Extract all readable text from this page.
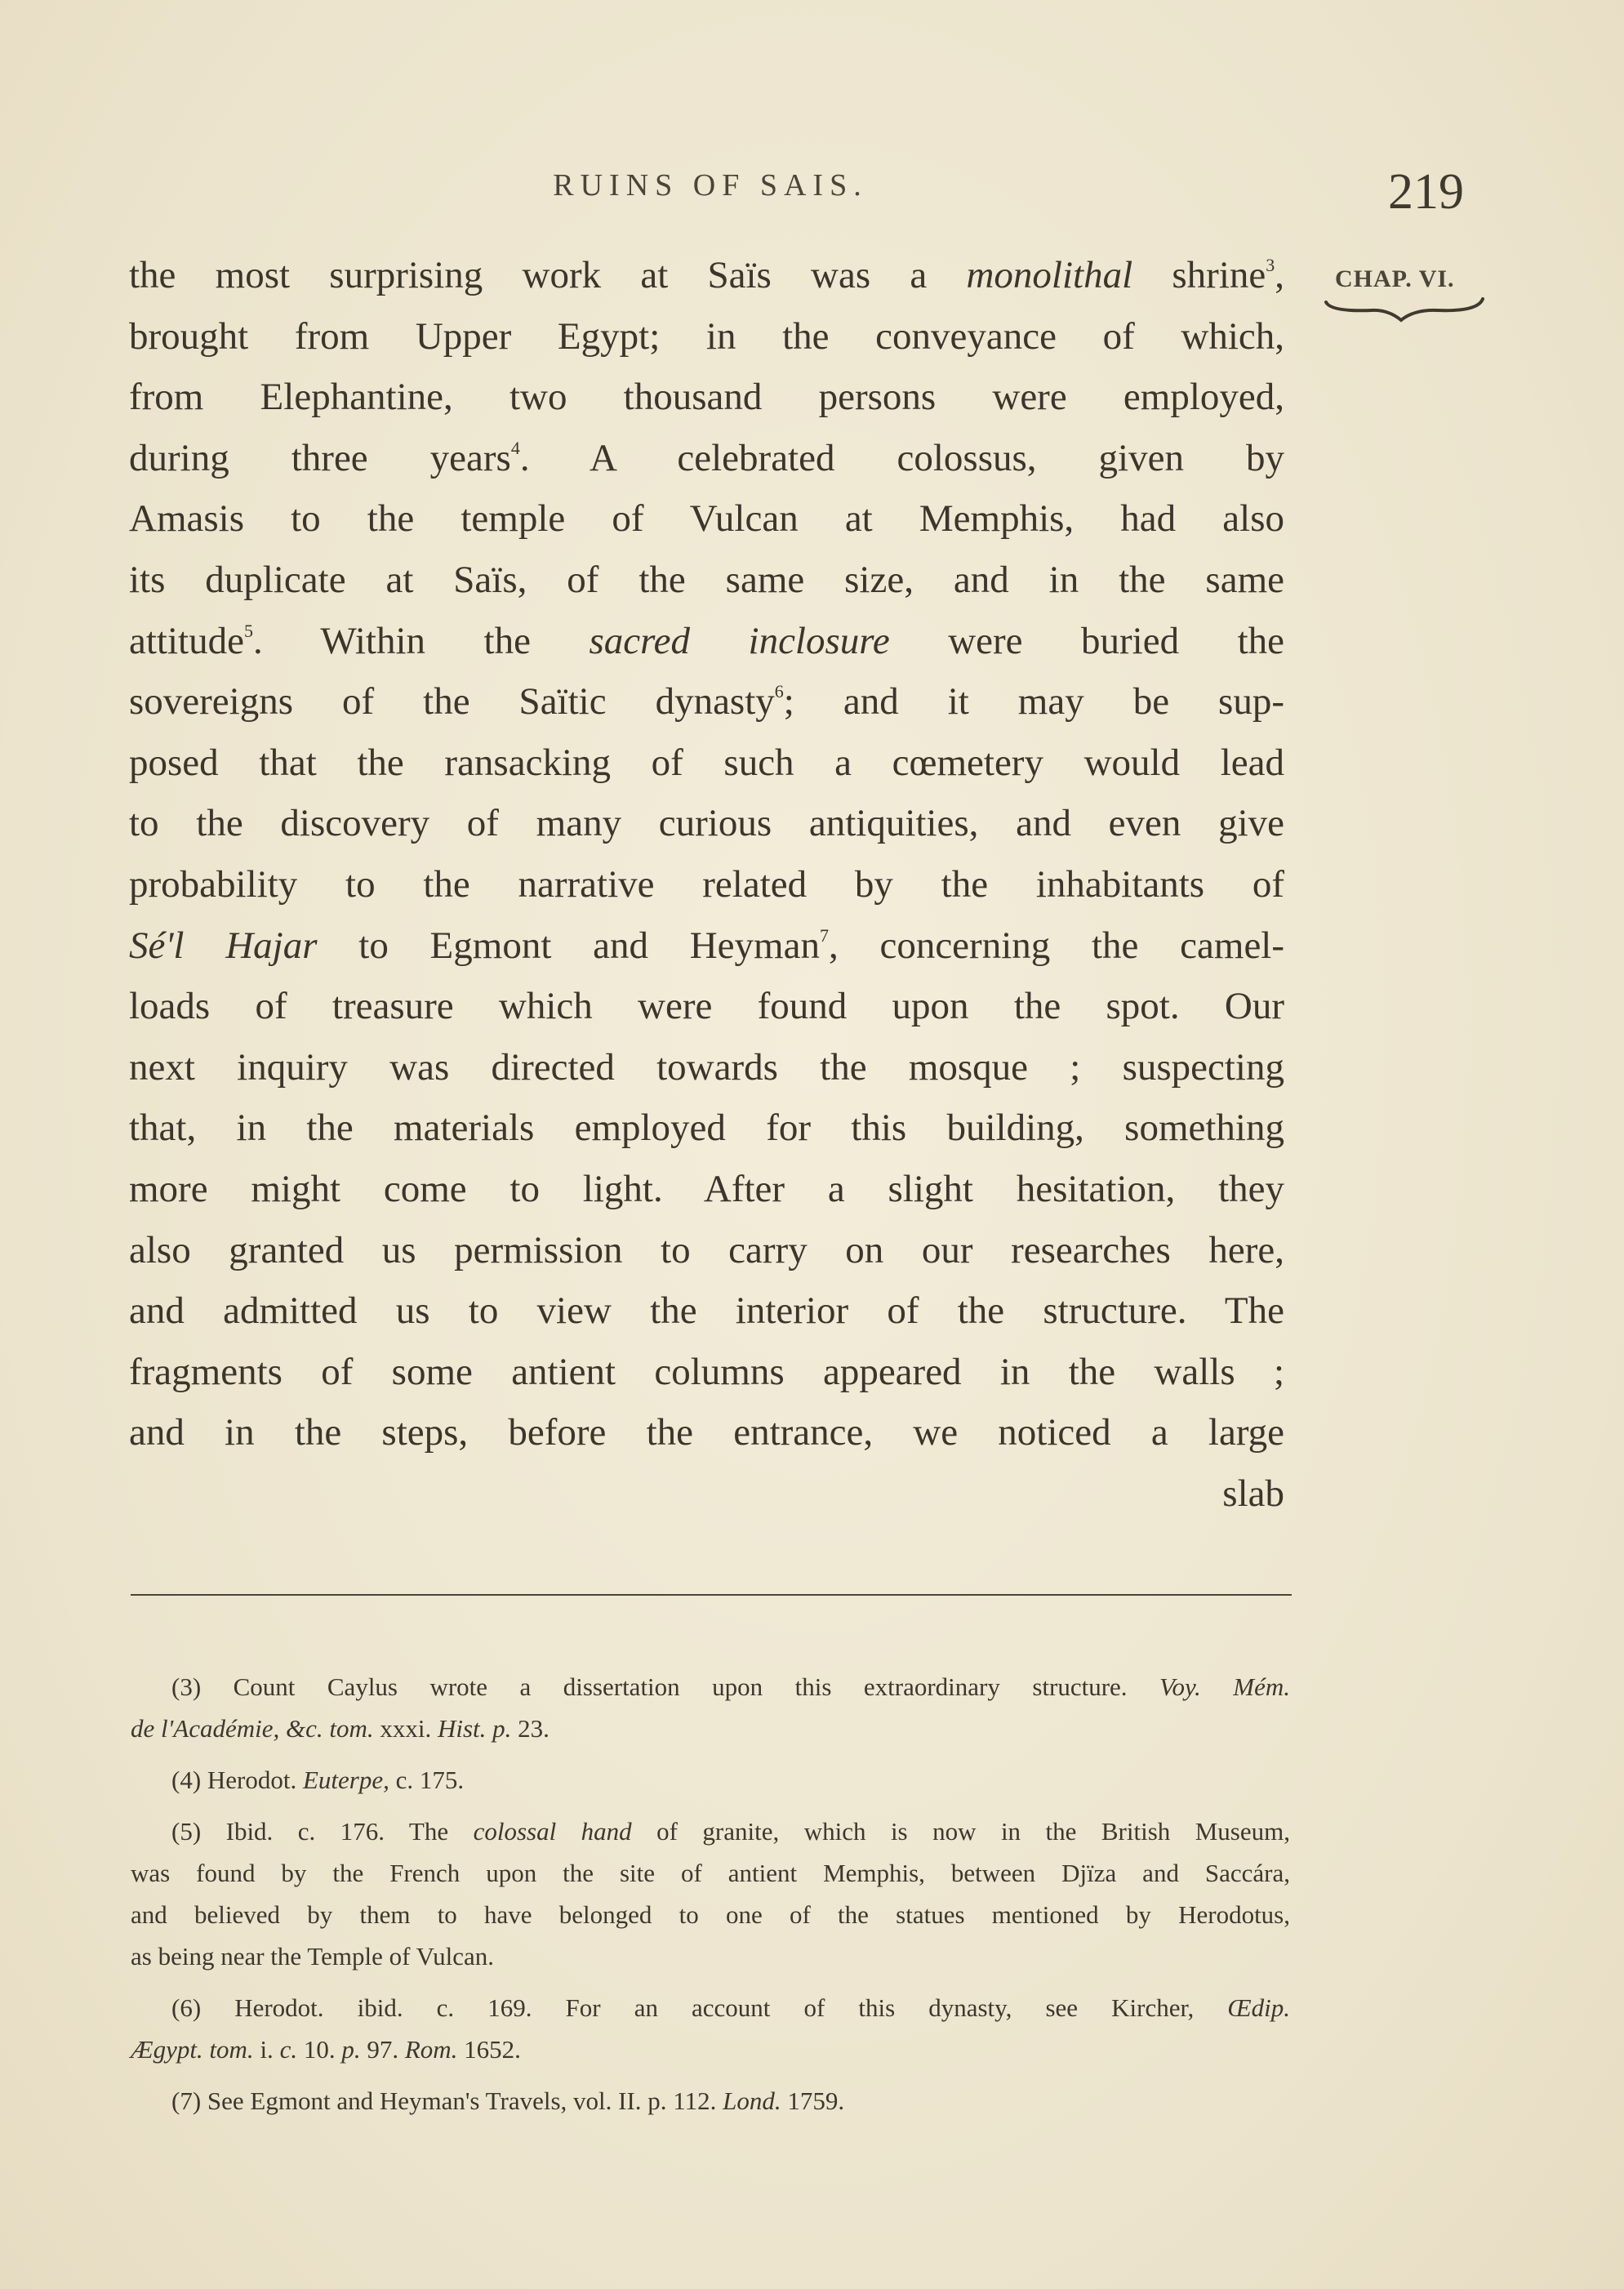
RUINS OF SAIS.	219
CHAP. VI.
the most surprising work at Saïs was a monolithal shrine$^3$,
brought from Upper Egypt; in the conveyance of which,
from Elephantine, two thousand persons were employed,
during three years$^4$. A celebrated colossus, given by
Amasis to the temple of Vulcan at Memphis, had also
its duplicate at Saïs, of the same size, and in the same
attitude$^5$. Within the sacred inclosure were buried the
sovereigns of the Saïtic dynasty$^6$; and it may be sup-
posed that the ransacking of such a cœmetery would lead
to the discovery of many curious antiquities, and even give
probability to the narrative related by the inhabitants of
Sé'l Hajar to Egmont and Heyman$^7$, concerning the camel-
loads of treasure which were found upon the spot. Our
next inquiry was directed towards the mosque ; suspecting
that, in the materials employed for this building, something
more might come to light. After a slight hesitation, they
also granted us permission to carry on our researches here,
and admitted us to view the interior of the structure. The
fragments of some antient columns appeared in the walls ;
and in the steps, before the entrance, we noticed a large
slab
(3) Count Caylus wrote a dissertation upon this extraordinary structure. Voy. Mém.
de l'Académie, &c. tom. xxxi. Hist. p. 23.
(4) Herodot. Euterpe, c. 175.
(5) Ibid. c. 176. The colossal hand of granite, which is now in the British Museum,
was found by the French upon the site of antient Memphis, between Djïza and Saccára,
and believed by them to have belonged to one of the statues mentioned by Herodotus,
as being near the Temple of Vulcan.
(6) Herodot. ibid. c. 169. For an account of this dynasty, see Kircher, Œdip.
Ægypt. tom. i. c. 10. p. 97. Rom. 1652.
(7) See Egmont and Heyman's Travels, vol. II. p. 112. Lond. 1759.
